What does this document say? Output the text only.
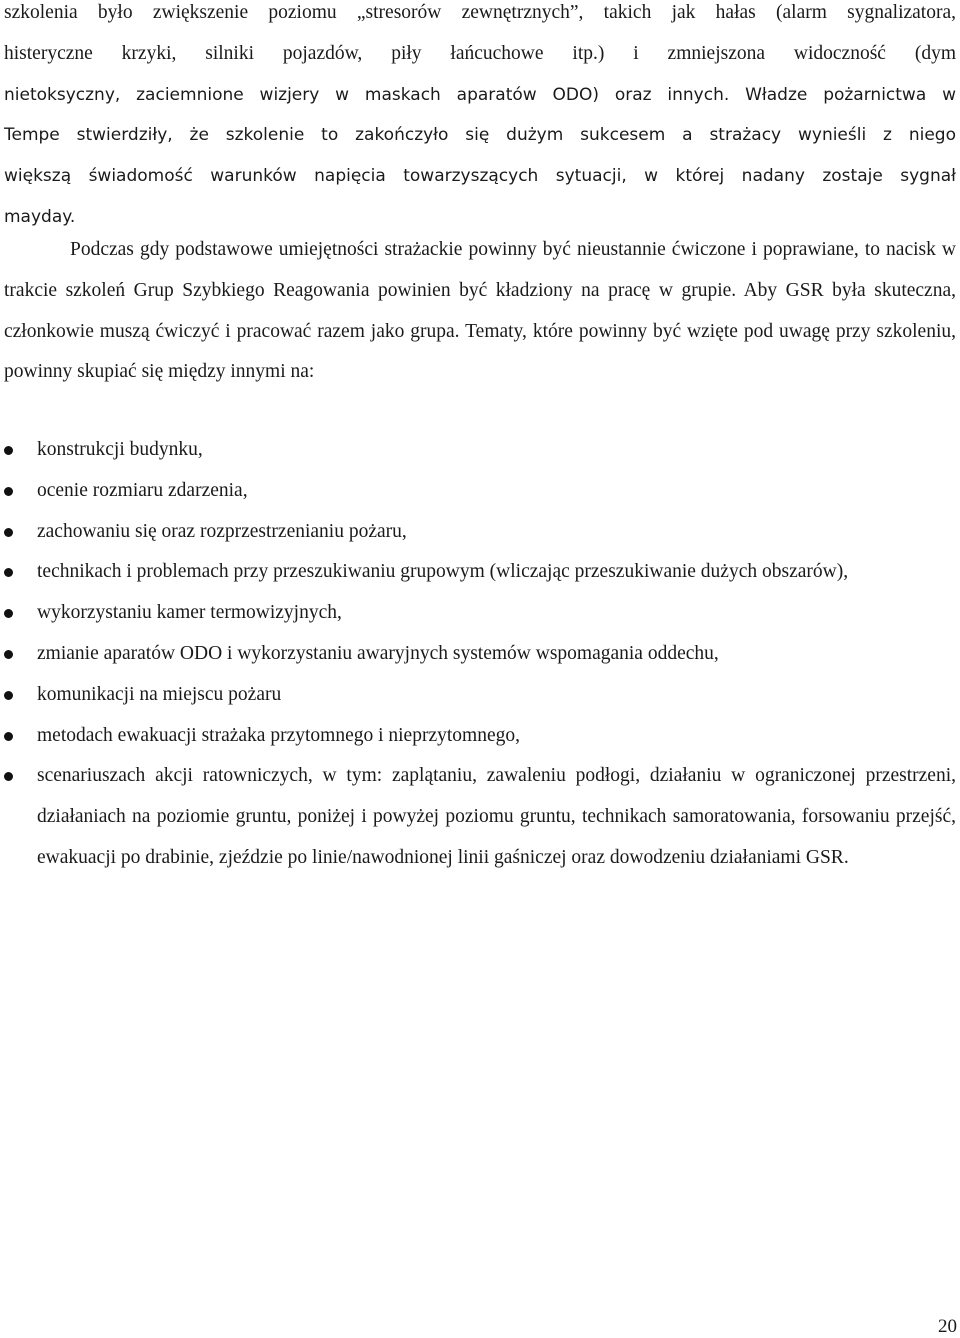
szkolenia było zwiększenie poziomu „stresorów zewnętrznych”, takich jak hałas (alarm sygnalizatora,

histeryczne krzyki, silniki pojazdów, piły łańcuchowe itp.) i zmniejszona widoczność (dym

nietoksyczny, zaciemnione wizjery w maskach aparatów ODO) oraz innych. Władze pożarnictwa w

Tempe stwierdziły, że szkolenie to zakończyło się dużym sukcesem a strażacy wynieśli z niego

większą świadomość warunków napięcia towarzyszących sytuacji, w której nadany zostaje sygnał

mayday.

Podczas gdy podstawowe umiejętności strażackie powinny być nieustannie ćwiczone i poprawiane, to nacisk w trakcie szkoleń Grup Szybkiego Reagowania powinien być kładziony na pracę w grupie. Aby GSR była skuteczna, członkowie muszą ćwiczyć i pracować razem jako grupa. Tematy, które powinny być wzięte pod uwagę przy szkoleniu, powinny skupiać się między innymi na:

konstrukcji budynku,
ocenie rozmiaru zdarzenia,
zachowaniu się oraz rozprzestrzenianiu pożaru,
technikach i problemach przy przeszukiwaniu grupowym (wliczając przeszukiwanie dużych obszarów),
wykorzystaniu kamer termowizyjnych,
zmianie aparatów ODO i wykorzystaniu awaryjnych systemów wspomagania oddechu,
komunikacji na miejscu pożaru
metodach ewakuacji strażaka przytomnego i nieprzytomnego,
scenariuszach akcji ratowniczych, w tym: zaplątaniu, zawaleniu podłogi, działaniu w ograniczonej przestrzeni, działaniach na poziomie gruntu, poniżej i powyżej poziomu gruntu, technikach samoratowania, forsowaniu przejść, ewakuacji po drabinie, zjeździe po linie/nawodnionej linii gaśniczej oraz dowodzeniu działaniami GSR.
20
